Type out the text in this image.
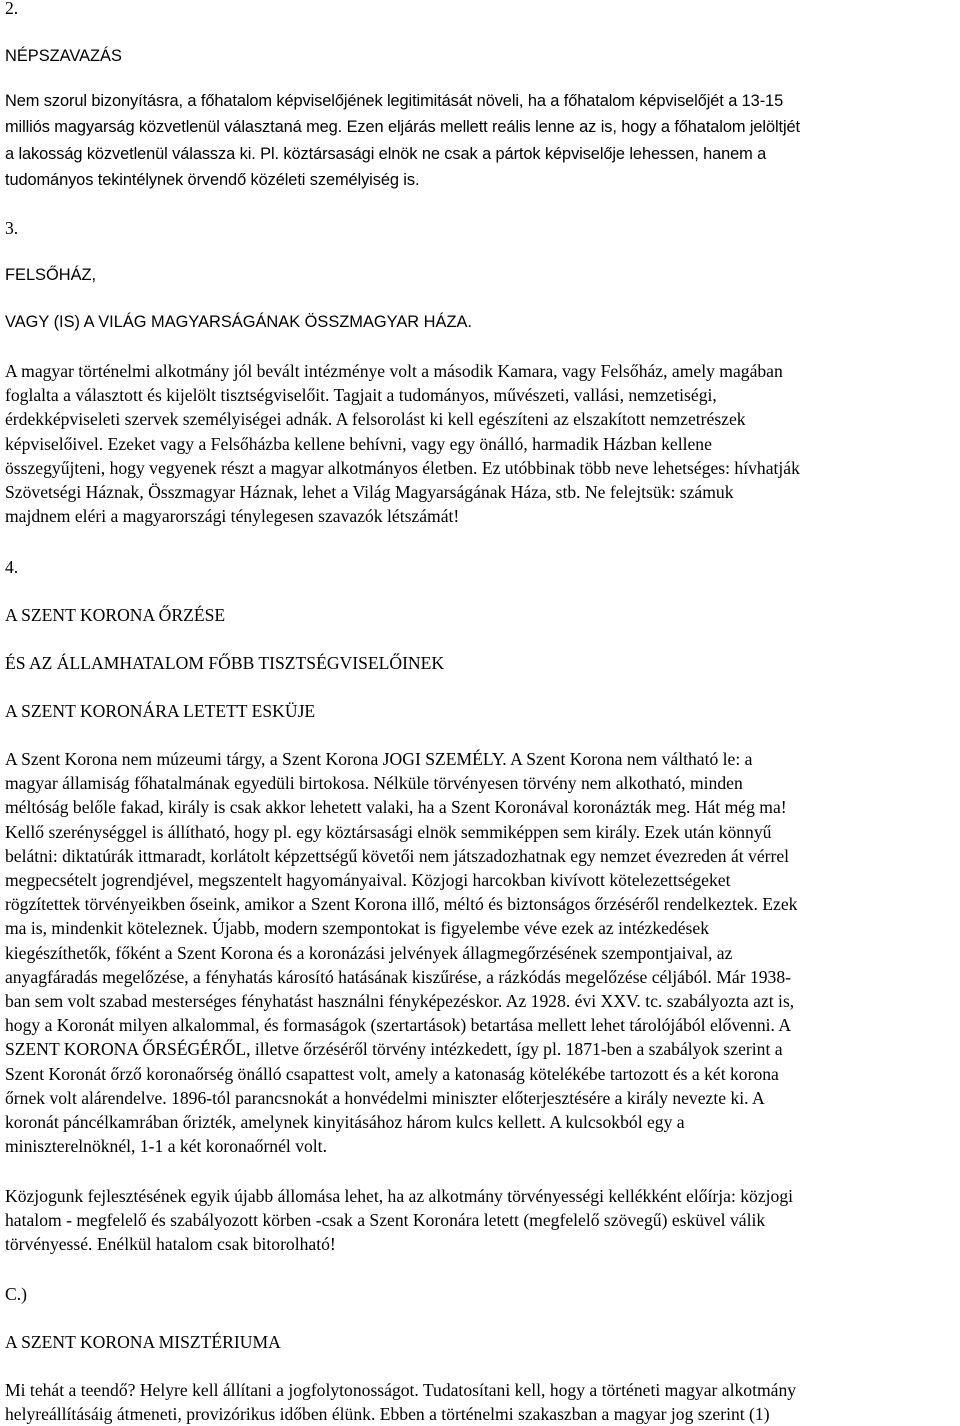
2.

NÉPSZAVAZÁS

Nem szorul bizonyításra, a főhatalom képviselőjének legitimitását növeli, ha a főhatalom képviselőjét a 13-15
milliós magyarság közvetlenül választaná meg. Ezen eljárás mellett reális lenne az is, hogy a főhatalom jelöltjét
a lakosság közvetlenül válassza ki. Pl. köztársasági elnök ne csak a pártok képviselője lehessen, hanem a
tudományos tekintélynek örvendő közéleti személyiség is.

3.

FELSŐHÁZ,

VAGY (IS) A VILÁG MAGYARSÁGÁNAK ÖSSZMAGYAR HÁZA.

A magyar történelmi alkotmány jól bevált intézménye volt a második Kamara, vagy Felsőház, amely magában
foglalta a választott és kijelölt tisztségviselőit. Tagjait a tudományos, művészeti, vallási, nemzetiségi,
érdekképviseleti szervek személyiségei adnák. A felsorolást ki kell egészíteni az elszakított nemzetrészek
képviselőivel. Ezeket vagy a Felsőházba kellene behívni, vagy egy önálló, harmadik Házban kellene
összegyűjteni, hogy vegyenek részt a magyar alkotmányos életben. Ez utóbbinak több neve lehetséges: hívhatják
Szövetségi Háznak, Összmagyar Háznak, lehet a Világ Magyarságának Háza, stb. Ne felejtsük: számuk
majdnem eléri a magyarországi ténylegesen szavazók létszámát!

4.

A SZENT KORONA ŐRZÉSE

ÉS AZ ÁLLAMHATALOM FŐBB TISZTSÉGVISELŐINEK

A SZENT KORONÁRA LETETT ESKÜJE

A Szent Korona nem múzeumi tárgy, a Szent Korona JOGI SZEMÉLY. A Szent Korona nem váltható le: a
magyar államiság főhatalmának egyedüli birtokosa. Nélküle törvényesen törvény nem alkotható, minden
méltóság belőle fakad, király is csak akkor lehetett valaki, ha a Szent Koronával koronázták meg. Hát még ma!
Kellő szerénységgel is állítható, hogy pl. egy köztársasági elnök semmiképpen sem király. Ezek után könnyű
belátni: diktatúrák ittmaradt, korlátolt képzettségű követői nem játszadozhatnak egy nemzet évezreden át vérrel
megpecsételt jogrendjével, megszentelt hagyományaival. Közjogi harcokban kivívott kötelezettségeket
rögzítettek törvényeikben őseink, amikor a Szent Korona illő, méltó és biztonságos őrzéséről rendelkeztek. Ezek
ma is, mindenkit köteleznek. Újabb, modern szempontokat is figyelembe véve ezek az intézkedések
kiegészíthetők, főként a Szent Korona és a koronázási jelvények állagmegőrzésének szempontjaival, az
anyagfáradás megelőzése, a fényhatás károsító hatásának kiszűrése, a rázkódás megelőzése céljából. Már 1938-
ban sem volt szabad mesterséges fényhatást használni fényképezéskor. Az 1928. évi XXV. tc. szabályozta azt is,
hogy a Koronát milyen alkalommal, és formaságok (szertartások) betartása mellett lehet tárolójából elővenni. A
SZENT KORONA ŐRSÉGÉRŐL, illetve őrzéséről törvény intézkedett, így pl. 1871-ben a szabályok szerint a
Szent Koronát őrző koronaőrség önálló csapattest volt, amely a katonaság kötelékébe tartozott és a két korona
őrnek volt alárendelve. 1896-tól parancsnokát a honvédelmi miniszter előterjesztésére a király nevezte ki. A
koronát páncélkamrában őrizték, amelynek kinyitásához három kulcs kellett. A kulcsokból egy a
miniszterelnöknél, 1-1 a két koronaőrnél volt.
Közjogunk fejlesztésének egyik újabb állomása lehet, ha az alkotmány törvényességi kellékként előírja: közjogi
hatalom - megfelelő és szabályozott körben -csak a Szent Koronára letett (megfelelő szövegű) esküvel válik
törvényessé. Enélkül hatalom csak bitorolható!

C.)

A SZENT KORONA MISZTÉRIUMA

Mi tehát a teendő? Helyre kell állítani a jogfolytonosságot. Tudatosítani kell, hogy a történeti magyar alkotmány
helyreállításáig átmeneti, provizórikus időben élünk. Ebben a történelmi szakaszban a magyar jog szerint (1)
